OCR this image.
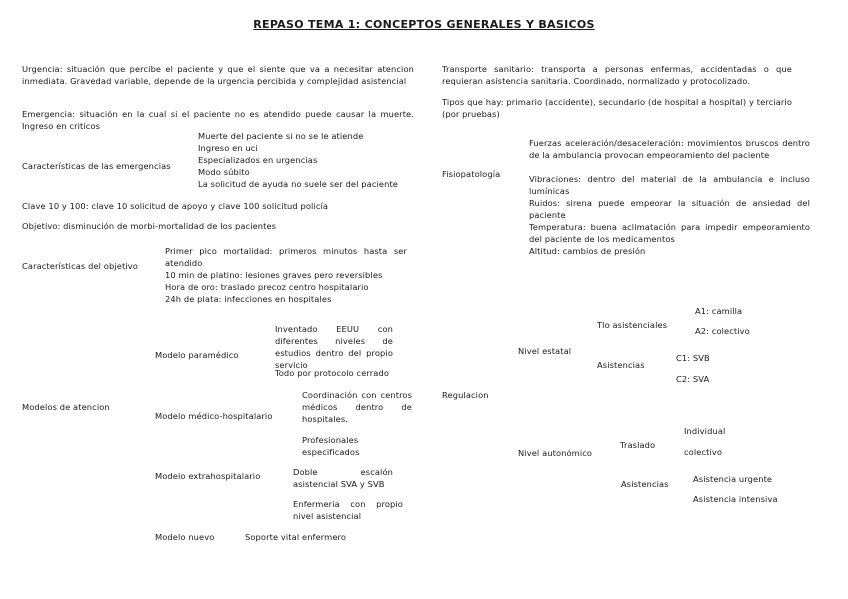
REPASO TEMA 1: CONCEPTOS GENERALES Y BASICOS
Urgencia: situación que percibe el paciente y que el siente que va a necesitar atencion inmediata. Gravedad variable, depende de la urgencia percibida y complejidad asistencial
Emergencia: situación en la cual si el paciente no es atendido puede causar la muerte. Ingreso en criticos
Características de las emergencias
Muerte del paciente si no se le atiende
Ingreso en uci
Especializados en urgencias
Modo súbito
La solicitud de ayuda no suele ser del paciente
Clave 10 y 100: clave 10 solicitud de apoyo y clave 100 solicitud policía
Objetivo: disminución de morbi-mortalidad de los pacientes
Características del objetivo
Primer pico mortalidad: primeros minutos hasta ser atendido
10 min de platino: lesiones graves pero reversibles
Hora de oro: traslado precoz centro hospitalario
24h de plata: infecciones en hospitales
Modelos de atencion
Modelo paramédico
Inventado EEUU con diferentes niveles de estudios dentro del propio servicio
Todo por protocolo cerrado
Modelo médico-hospitalario
Coordinación con centros médicos dentro de hospitales.
Profesionales especificados
Modelo extrahospitalario	Doble escalón asistencial SVA y SVB
Enfermeria con propio nivel asistencial
Modelo nuevo	Soporte vital enfermero
Transporte sanitario: transporta a personas enfermas, accidentadas o que requieran asistencia sanitaria. Coordinado, normalizado y protocolizado.
Tipos que hay: primario (accidente), secundario (de hospital a hospital) y terciario (por pruebas)
Fisiopatología
Fuerzas aceleración/desaceleración: movimientos bruscos dentro de la ambulancia provocan empeoramiento del paciente
Vibraciones: dentro del material de la ambulancia e incluso lumínicas
Ruidos: sirena puede empeorar la situación de ansiedad del paciente
Temperatura: buena aclimatación para impedir empeoramiento del paciente de los medicamentos
Altitud: cambios de presión
Regulacion
Nivel estatal
Tlo asistenciales
A1: camilla
A2: colectivo
Asistencias
C1: SVB
C2: SVA
Nivel autonómico
Traslado
Individual
colectivo
Asistencias	Asistencia urgente
Asistencia intensiva
